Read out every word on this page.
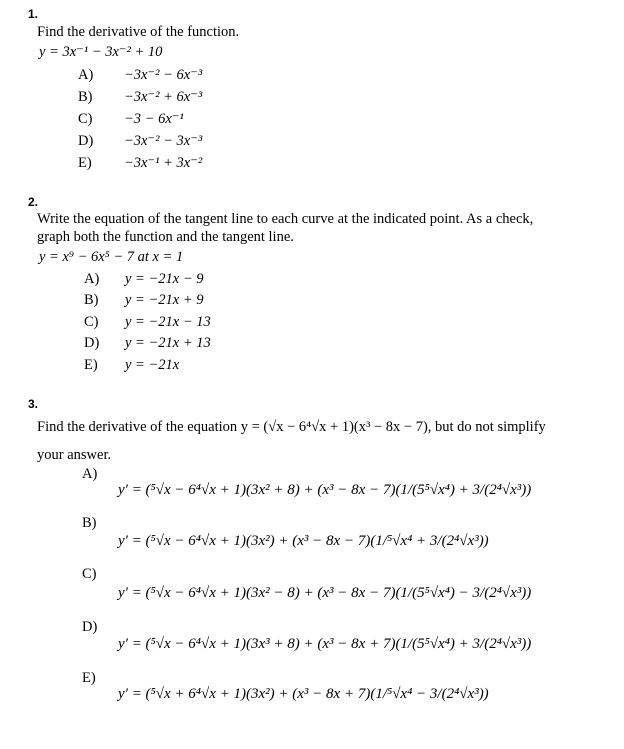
1.
Find the derivative of the function.
y = 3x⁻¹ − 3x⁻² + 10
A) −3x⁻² − 6x⁻³
B) −3x⁻² + 6x⁻³
C) −3 − 6x⁻¹
D) −3x⁻² − 3x⁻³
E) −3x⁻¹ + 3x⁻²
2.
Write the equation of the tangent line to each curve at the indicated point. As a check,
graph both the function and the tangent line.
y = x⁹ − 6x⁵ − 7 at x = 1
A) y = −21x − 9
B) y = −21x + 9
C) y = −21x − 13
D) y = −21x + 13
E) y = −21x
3.
Find the derivative of the equation y = (√x − 6⁴√x + 1)(x³ − 8x − 7), but do not simplify
your answer.
A)
y′ = (⁵√x − 6⁴√x + 1)(3x² + 8) + (x³ − 8x − 7)(1/(5⁵√x⁴) + 3/(2⁴√x³))
B)
y′ = (⁵√x − 6⁴√x + 1)(3x²) + (x³ − 8x − 7)(1/⁵√x⁴ + 3/(2⁴√x³))
C)
y′ = (⁵√x − 6⁴√x + 1)(3x² − 8) + (x³ − 8x − 7)(1/(5⁵√x⁴) − 3/(2⁴√x³))
D)
y′ = (⁵√x − 6⁴√x + 1)(3x³ + 8) + (x³ − 8x + 7)(1/(5⁵√x⁴) + 3/(2⁴√x³))
E)
y′ = (⁵√x + 6⁴√x + 1)(3x²) + (x³ − 8x + 7)(1/⁵√x⁴ − 3/(2⁴√x³))
